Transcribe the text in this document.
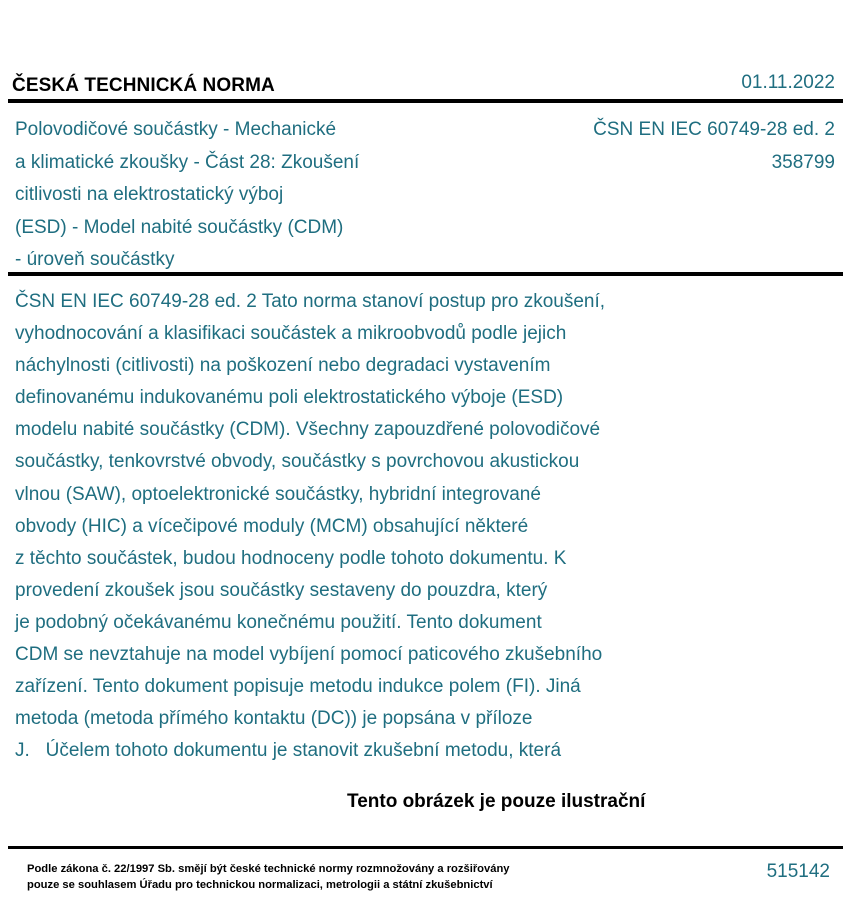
ČESKÁ TECHNICKÁ NORMA	01.11.2022
Polovodičové součástky - Mechanické
a klimatické zkoušky - Část 28: Zkoušení
citlivosti na elektrostatický výboj
(ESD) - Model nabité součástky (CDM)
- úroveň součástky
ČSN EN IEC 60749-28 ed. 2
358799
ČSN EN IEC 60749-28 ed. 2 Tato norma stanoví postup pro zkoušení,
vyhodnocování a klasifikaci součástek a mikroobvodů podle jejich
náchylnosti (citlivosti) na poškození nebo degradaci vystavením
definovanému indukovanému poli elektrostatického výboje (ESD)
modelu nabité součástky (CDM). Všechny zapouzdřené polovodičové
součástky, tenkovrstvé obvody, součástky s povrchovou akustickou
vlnou (SAW), optoelektronické součástky, hybridní integrované
obvody (HIC) a vícečipové moduly (MCM) obsahující některé
z těchto součástek, budou hodnoceny podle tohoto dokumentu. K
provedení zkoušek jsou součástky sestaveny do pouzdra, který
je podobný očekávanému konečnému použití. Tento dokument
CDM se nevztahuje na model vybíjení pomocí paticového zkušebního
zařízení. Tento dokument popisuje metodu indukce polem (FI). Jiná
metoda (metoda přímého kontaktu (DC)) je popsána v příloze
J.   Účelem tohoto dokumentu je stanovit zkušební metodu, která
Tento obrázek je pouze ilustrační
Podle zákona č. 22/1997 Sb. smějí být české technické normy rozmnožovány a rozšiřovány
pouze se souhlasem Úřadu pro technickou normalizaci, metrologii a státní zkušebnictví
515142
